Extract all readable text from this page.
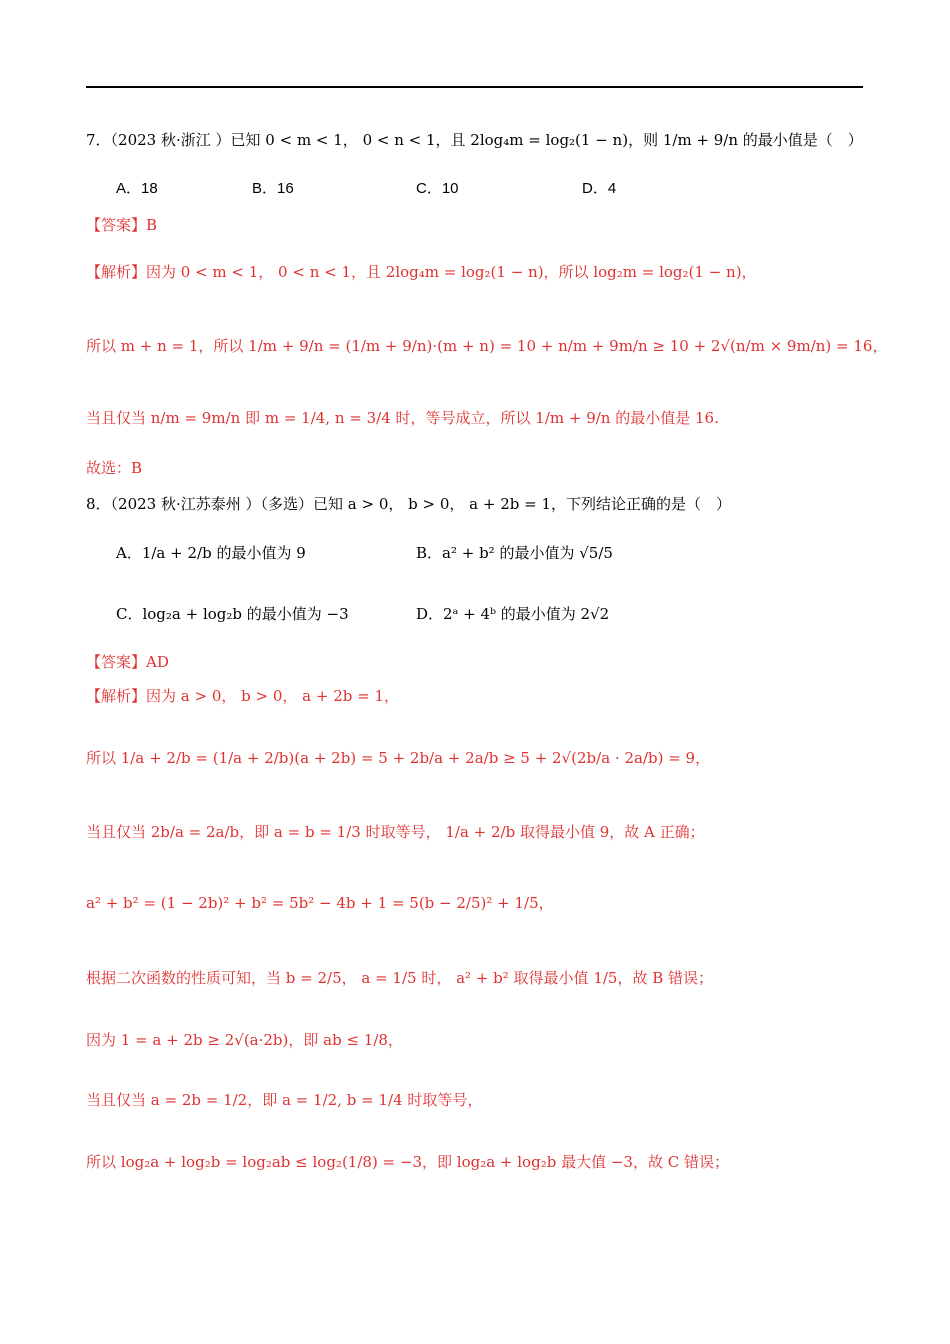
7．（2023 秋·浙江 ）已知 0 < m < 1， 0 < n < 1，且 2log₄m = log₂(1 − n)，则 1/m + 9/n 的最小值是（　）
A．18	B．16	C．10	D．4
【答案】B
【解析】因为 0 < m < 1， 0 < n < 1，且 2log₄m = log₂(1 − n)，所以 log₂m = log₂(1 − n)，
所以 m + n = 1，所以 1/m + 9/n = (1/m + 9/n)·(m + n) = 10 + n/m + 9m/n ≥ 10 + 2√(n/m × 9m/n) = 16，
当且仅当 n/m = 9m/n 即 m = 1/4, n = 3/4 时，等号成立，所以 1/m + 9/n 的最小值是 16.
故选：B
8．（2023 秋·江苏泰州 ）（多选）已知 a > 0， b > 0， a + 2b = 1，下列结论正确的是（　）
A．1/a + 2/b 的最小值为 9	B．a² + b² 的最小值为 √5/5
C．log₂a + log₂b 的最小值为 −3	D．2ᵃ + 4ᵇ 的最小值为 2√2
【答案】AD
【解析】因为 a > 0， b > 0， a + 2b = 1，
所以 1/a + 2/b = (1/a + 2/b)(a + 2b) = 5 + 2b/a + 2a/b ≥ 5 + 2√(2b/a · 2a/b) = 9，
当且仅当 2b/a = 2a/b，即 a = b = 1/3 时取等号， 1/a + 2/b 取得最小值 9，故 A 正确；
a² + b² = (1 − 2b)² + b² = 5b² − 4b + 1 = 5(b − 2/5)² + 1/5，
根据二次函数的性质可知，当 b = 2/5， a = 1/5 时， a² + b² 取得最小值 1/5，故 B 错误；
因为 1 = a + 2b ≥ 2√(a·2b)，即 ab ≤ 1/8，
当且仅当 a = 2b = 1/2，即 a = 1/2, b = 1/4 时取等号，
所以 log₂a + log₂b = log₂ab ≤ log₂(1/8) = −3，即 log₂a + log₂b 最大值 −3，故 C 错误；
